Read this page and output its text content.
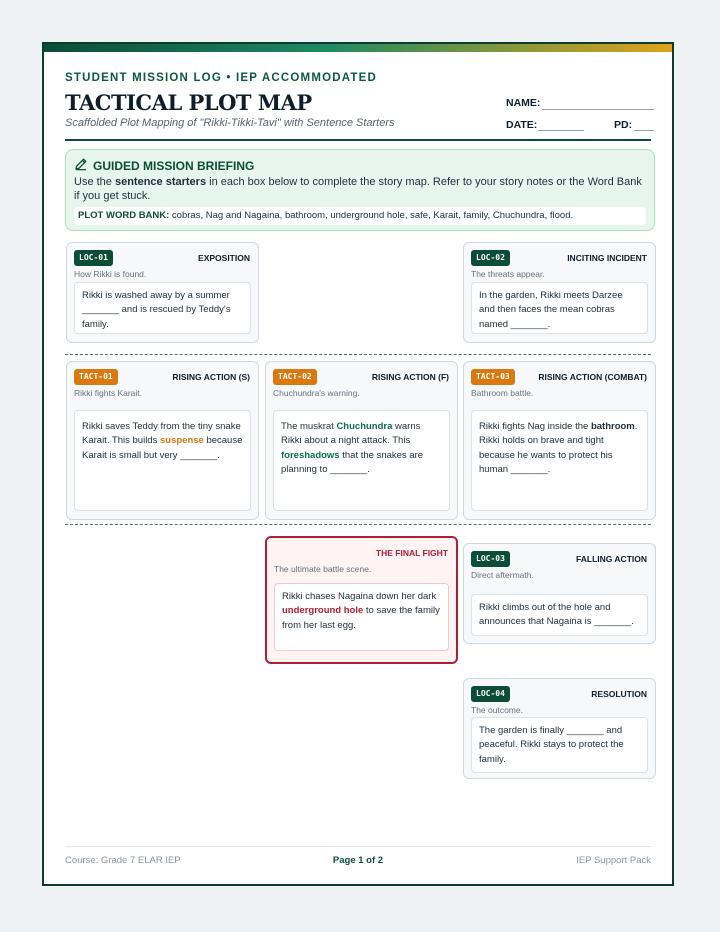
STUDENT MISSION LOG • IEP ACCOMMODATED
TACTICAL PLOT MAP
Scaffolded Plot Mapping of "Rikki-Tikki-Tavi" with Sentence Starters
NAME:
DATE:	PD:
GUIDED MISSION BRIEFING
Use the sentence starters in each box below to complete the story map. Refer to your story notes or the Word Bank if you get stuck.
PLOT WORD BANK: cobras, Nag and Nagaina, bathroom, underground hole, safe, Karait, family, Chuchundra, flood.
LOC-01	EXPOSITION
How Rikki is found.
Rikki is washed away by a summer _______ and is rescued by Teddy's family.
LOC-02	INCITING INCIDENT
The threats appear.
In the garden, Rikki meets Darzee and then faces the mean cobras named _______.
TACT-01	RISING ACTION (S)
Rikki fights Karait.
Rikki saves Teddy from the tiny snake Karait. This builds suspense because Karait is small but very _______.
TACT-02	RISING ACTION (F)
Chuchundra's warning.
The muskrat Chuchundra warns Rikki about a night attack. This foreshadows that the snakes are planning to _______.
TACT-03	RISING ACTION (COMBAT)
Bathroom battle.
Rikki fights Nag inside the bathroom. Rikki holds on brave and tight because he wants to protect his human _______.
THE FINAL FIGHT
The ultimate battle scene.
Rikki chases Nagaina down her dark underground hole to save the family from her last egg.
LOC-03	FALLING ACTION
Direct aftermath.
Rikki climbs out of the hole and announces that Nagaina is _______.
LOC-04	RESOLUTION
The outcome.
The garden is finally _______ and peaceful. Rikki stays to protect the family.
Course: Grade 7 ELAR IEP	Page 1 of 2	IEP Support Pack
